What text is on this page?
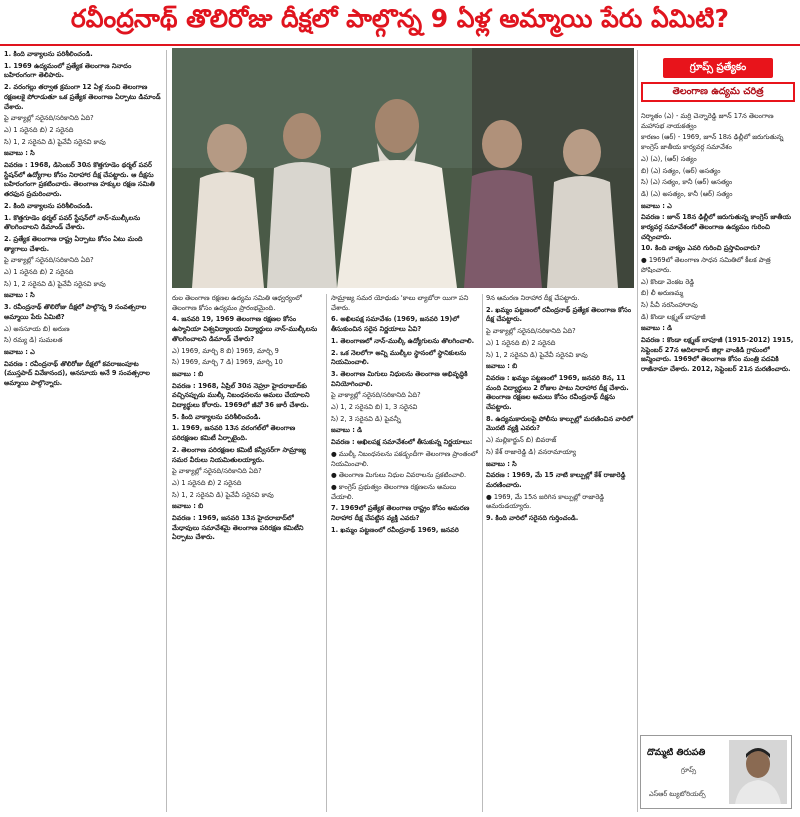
రవీంద్రనాథ్ తొలిరోజు దీక్షలో పాల్గొన్న 9 ఏళ్ల అమ్మాయి పేరు ఏమిటి?

1. కింది వాక్యాలను పరిశీలించండి.

1. 1969 ఉద్యమంలో ప్రత్యేక తెలంగాణ నినాదం బహిరంగంగా తెలిపారు.

2. వరంగల్లు తర్వాత క్రమంగా 12 ఏళ్ల నుంచి తెలంగాణ రక్షణలకై పోరాడుతూ ఒక ప్రత్యేక తెలంగాణ ఏర్పాటు డిమాండ్ చేశారు.

పై వాక్యాల్లో సరైనది/సరికానిది ఏది?

ఎ) 1 సరైనది బి) 2 సరైనది

సి) 1, 2 సరైనవి డి) పైవేవీ సరైనవి కావు

జవాబు : సి

వివరణ : 1968, డిసెంబర్ 30న కొత్తగూడెం థర్మల్ పవర్ స్టేషన్‌లో ఉద్యోగాల కోసం నిరాహార దీక్ష చేపట్టారు. ఆ దీక్షను బహిరంగంగా ప్రకటించారు. తెలంగాణ హక్కుల రక్షణ సమితి తరఫున ప్రచురించారు.

2. కింది వాక్యాలను పరిశీలించండి.

1. కొత్తగూడెం థర్మల్ పవర్ స్టేషన్‌లో నాన్-ముల్కీలను తొలగించాలని డిమాండ్ చేశారు.

2. ప్రత్యేక తెలంగాణ రాష్ట్ర ఏర్పాటు కోసం ఏటు మంది త్యాగాలు చేశారు.

పై వాక్యాల్లో సరైనది/సరికానిది ఏది?

ఎ) 1 సరైనది బి) 2 సరైనది

సి) 1, 2 సరైనవి డి) పైవేవీ సరైనవి కావు

జవాబు : సి

3. రవీంద్రనాథ్ తొలిరోజు దీక్షలో పాల్గొన్న 9 సంవత్సరాల అమ్మాయి పేరు ఏమిటి?

ఎ) అనసూయ బి) అరుణ

సి) రమ్య డి) సుమలత

జవాబు : ఎ

వివరణ : రవీంద్రనాథ్ తొలిరోజు దీక్షలో కవరాజంపూట (ముస్తపాద్ వివేకానంద), అనసూయ అనే 9 సంవత్సరాల అమ్మాయి పాల్గొన్నారు.

గ్రూప్స్ ప్రత్యేకం
తెలంగాణ ఉద్యమ చరిత్ర

నిర్మాతం (ఎ) - మర్రి చెన్నారెడ్డి జూన్ 17న తెలంగాణ మహాసభ నాయకత్వం

కారణం (ఆర్) - 1969, జూన్ 18న ఢిల్లీలో జరుగుతున్న కాంగ్రెస్ జాతీయ కార్యవర్గ సమావేశం

ఎ) (ఎ), (ఆర్) సత్యం

బి) (ఎ) సత్యం, (ఆర్) అసత్యం

సి) (ఎ) సత్యం, కానీ (ఆర్) అసత్యం

డి) (ఎ) అసత్యం, కానీ (ఆర్) సత్యం

జవాబు : ఎ

వివరణ : జూన్ 18న ఢిల్లీలో జరుగుతున్న కాంగ్రెస్ జాతీయ కార్యవర్గ సమావేశంలో తెలంగాణ ఉద్యమం గురించి చర్చించారు.

10. కింది వాక్యం ఎవరి గురించి ప్రస్తావించారు?

● 1969లో తెలంగాణ సాధన సమితిలో కీలక పాత్ర పోషించారు.

ఎ) కొండా వెంకట రెడ్డి

బి) లీ అరుణమ్మ

సి) పీవీ నరసింహారావు

డి) కొండా లక్ష్మణ్ బాపూజీ

జవాబు : డి

వివరణ : కొండా లక్ష్మణ్ బాపూజీ (1915-2012) 1915, సెప్టెంబర్ 27న ఆదిలాబాద్ జిల్లా వాంకిడి గ్రామంలో జన్మించారు. 1969లో తెలంగాణ కోసం మంత్రి పదవికి రాజీనామా చేశారు. 2012, సెప్టెంబర్ 21న మరణించారు.

రుల తెలంగాణ రక్షణల ఉద్యమ సమితి ఆధ్వర్యంలో తెలంగాణ కోసం ఉద్యమం ప్రారంభమైంది.

4. జనవరి 19, 1969 తెలంగాణ రక్షణల కోసం ఉస్మానియా విశ్వవిద్యాలయ విద్యార్థులు నాన్-ముల్కీలను తొలగించాలని డిమాండ్ చేశారు?

ఎ) 1969, మార్చి 8 బి) 1969, మార్చి 9

సి) 1969, మార్చి 7 డి) 1969, మార్చి 10

జవాబు : బి

వివరణ : 1968, ఏప్రిల్ 30న నెహ్రూ హైదరాబాద్‌కు వచ్చినప్పుడు ముల్కీ నిబంధనలను అమలు చేయాలని విద్యార్థులు కోరారు. 1969లో జీవో 36 జారీ చేశారు.

5. కింది వాక్యాలను పరిశీలించండి.

1. 1969, జనవరి 13న వరంగల్‌లో తెలంగాణ పరిరక్షణల కమిటీ ఏర్పాటైంది.

2. తెలంగాణ పరిరక్షణల కమిటీ కన్వీనర్‌గా సామ్రాజ్య సమర వీరులు నియమితులయ్యారు.

పై వాక్యాల్లో సరైనది/సరికానిది ఏది?

ఎ) 1 సరైనది బి) 2 సరైనది

సి) 1, 2 సరైనవి డి) పైవేవీ సరైనవి కావు

జవాబు : బి

వివరణ : 1969, జనవరి 13న హైదరాబాద్‌లో మేధావులు సమావేశమై తెలంగాణ పరిరక్షణ కమిటీని ఏర్పాటు చేశారు.

సామ్రాజ్య సమర యోధుడు 'కాలు ల్యాబోరా యిగా పని చేశారు.

6. అఖిలపక్ష సమావేశం (1969, జనవరి 19)లో తీసుకుంచిన సరైన నిర్ణయాలు ఏవి?

1. తెలంగాణలో నాన్-ముల్కీ ఉద్యోగులను తొలగించాలి.

2. ఒక నెలలోగా అన్ని ముల్కీల స్థానంలో స్థానికులను నియమించాలి.

3. తెలంగాణ మిగులు నిధులను తెలంగాణ అభివృద్ధికి వినియోగించాలి.

పై వాక్యాల్లో సరైనది/సరికానిది ఏది?

ఎ) 1, 2 సరైనవి బి) 1, 3 సరైనవి

సి) 2, 3 సరైనవి డి) పైవన్నీ

జవాబు : డి

వివరణ : అఖిలపక్ష సమావేశంలో తీసుకున్న నిర్ణయాలు:

● ముల్కీ నిబంధనలను పకడ్బందీగా తెలంగాణ ప్రాంతంలో నియమించాలి.

● తెలంగాణ మిగులు నిధుల వివరాలను ప్రకటించాలి.

● కాంగ్రెస్ ప్రభుత్వం తెలంగాణ రక్షణలను అమలు చేయాలి.

7. 1969లో ప్రత్యేక తెలంగాణ రాష్ట్రం కోసం ఆమరణ నిరాహార దీక్ష చేపట్టిన వ్యక్తి ఎవరు?

1. ఖమ్మం పట్టణంలో రవీంద్రనాథ్ 1969, జనవరి

9న ఆమరణ నిరాహార దీక్ష చేపట్టారు.

2. ఖమ్మం పట్టణంలో రవీంద్రనాథ్ ప్రత్యేక తెలంగాణ కోసం దీక్ష చేపట్టారు.

పై వాక్యాల్లో సరైనది/సరికానిది ఏది?

ఎ) 1 సరైనది బి) 2 సరైనది

సి) 1, 2 సరైనవి డి) పైవేవీ సరైనవి కావు

జవాబు : బి

వివరణ : ఖమ్మం పట్టణంలో 1969, జనవరి 8న, 11 మంది విద్యార్థులు 2 రోజుల పాటు నిరాహార దీక్ష చేశారు. తెలంగాణ రక్షణల అమలు కోసం రవీంద్రనాథ్ దీక్షను చేపట్టారు.

8. ఉద్యమకారులపై పోలీసు కాల్పుల్లో మరణించిన వారిలో మొదటి వ్యక్తి ఎవరు?

ఎ) మల్లికార్జున్ బి) బివరాజ్

సి) కేశ్ రాజారెడ్డి డి) వనరామాయ్యా

జవాబు : సి

వివరణ : 1969, మే 15 నాటి కాల్పుల్లో కేశ్ రాజారెడ్డి మరణించారు.

● 1969, మే 15న జరిగిన కాల్పుల్లో రాజారెడ్డి అమరుడయ్యారు.

9. కింది వారిలో సరైనది గుర్తించండి.

దొమ్మటి తిరుపతి
గ్రూప్స్
ఎస్ఆర్ ట్యుటోరియల్స్
